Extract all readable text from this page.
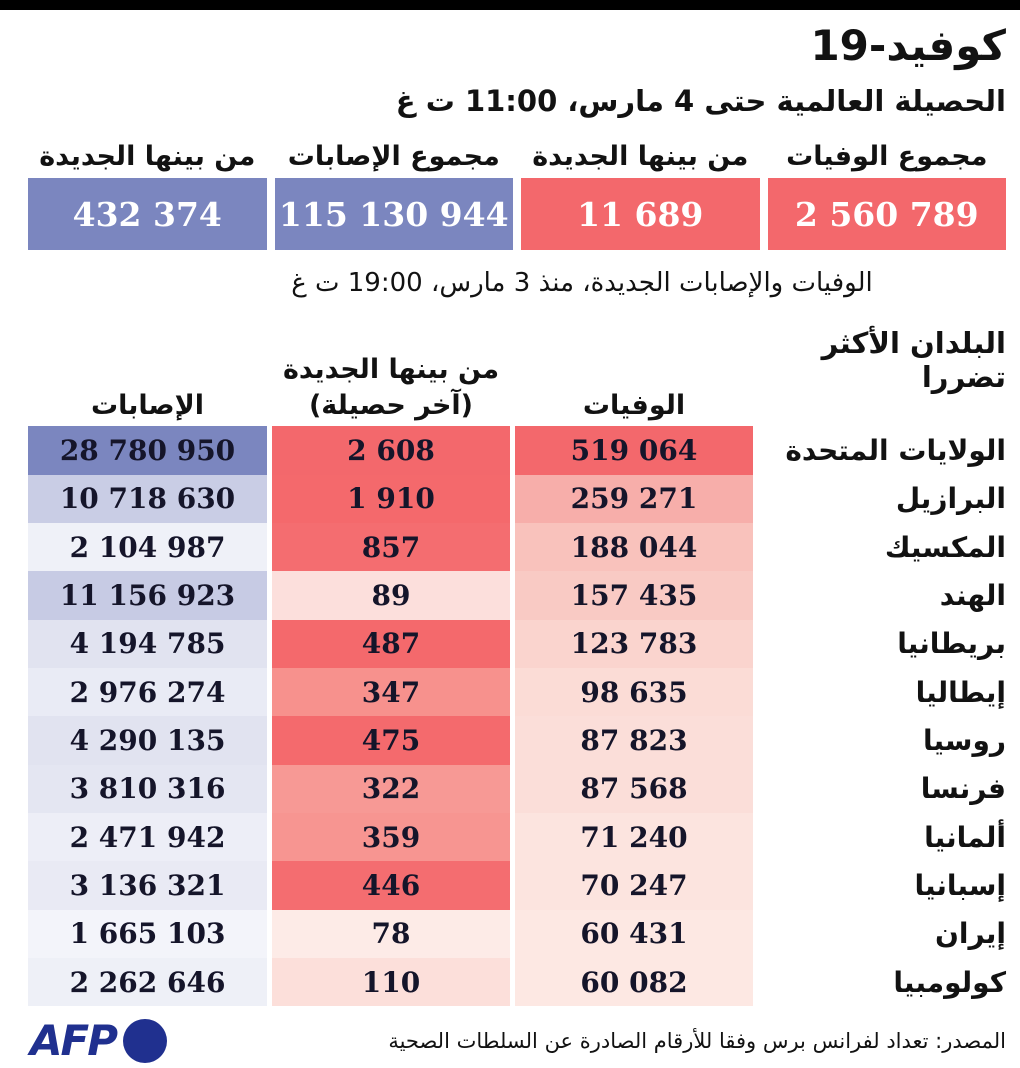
كوفيد-19
الحصيلة العالمية حتى 4 مارس، 11:00 ت غ
مجموع الوفيات
2 560 789
من بينها الجديدة
11 689
مجموع الإصابات
115 130 944
من بينها الجديدة
432 374
الوفيات والإصابات الجديدة، منذ 3 مارس، 19:00 ت غ
البلدان الأكثر تضررا
الوفيات
من بينها الجديدة
(آخر حصيلة)
الإصابات
الولايات المتحدة
519 064
2 608
28 780 950
البرازيل
259 271
1 910
10 718 630
المكسيك
188 044
857
2 104 987
الهند
157 435
89
11 156 923
بريطانيا
123 783
487
4 194 785
إيطاليا
98 635
347
2 976 274
روسيا
87 823
475
4 290 135
فرنسا
87 568
322
3 810 316
ألمانيا
71 240
359
2 471 942
إسبانيا
70 247
446
3 136 321
إيران
60 431
78
1 665 103
كولومبيا
60 082
110
2 262 646
المصدر: تعداد لفرانس برس وفقا للأرقام الصادرة عن السلطات الصحية
AFP
